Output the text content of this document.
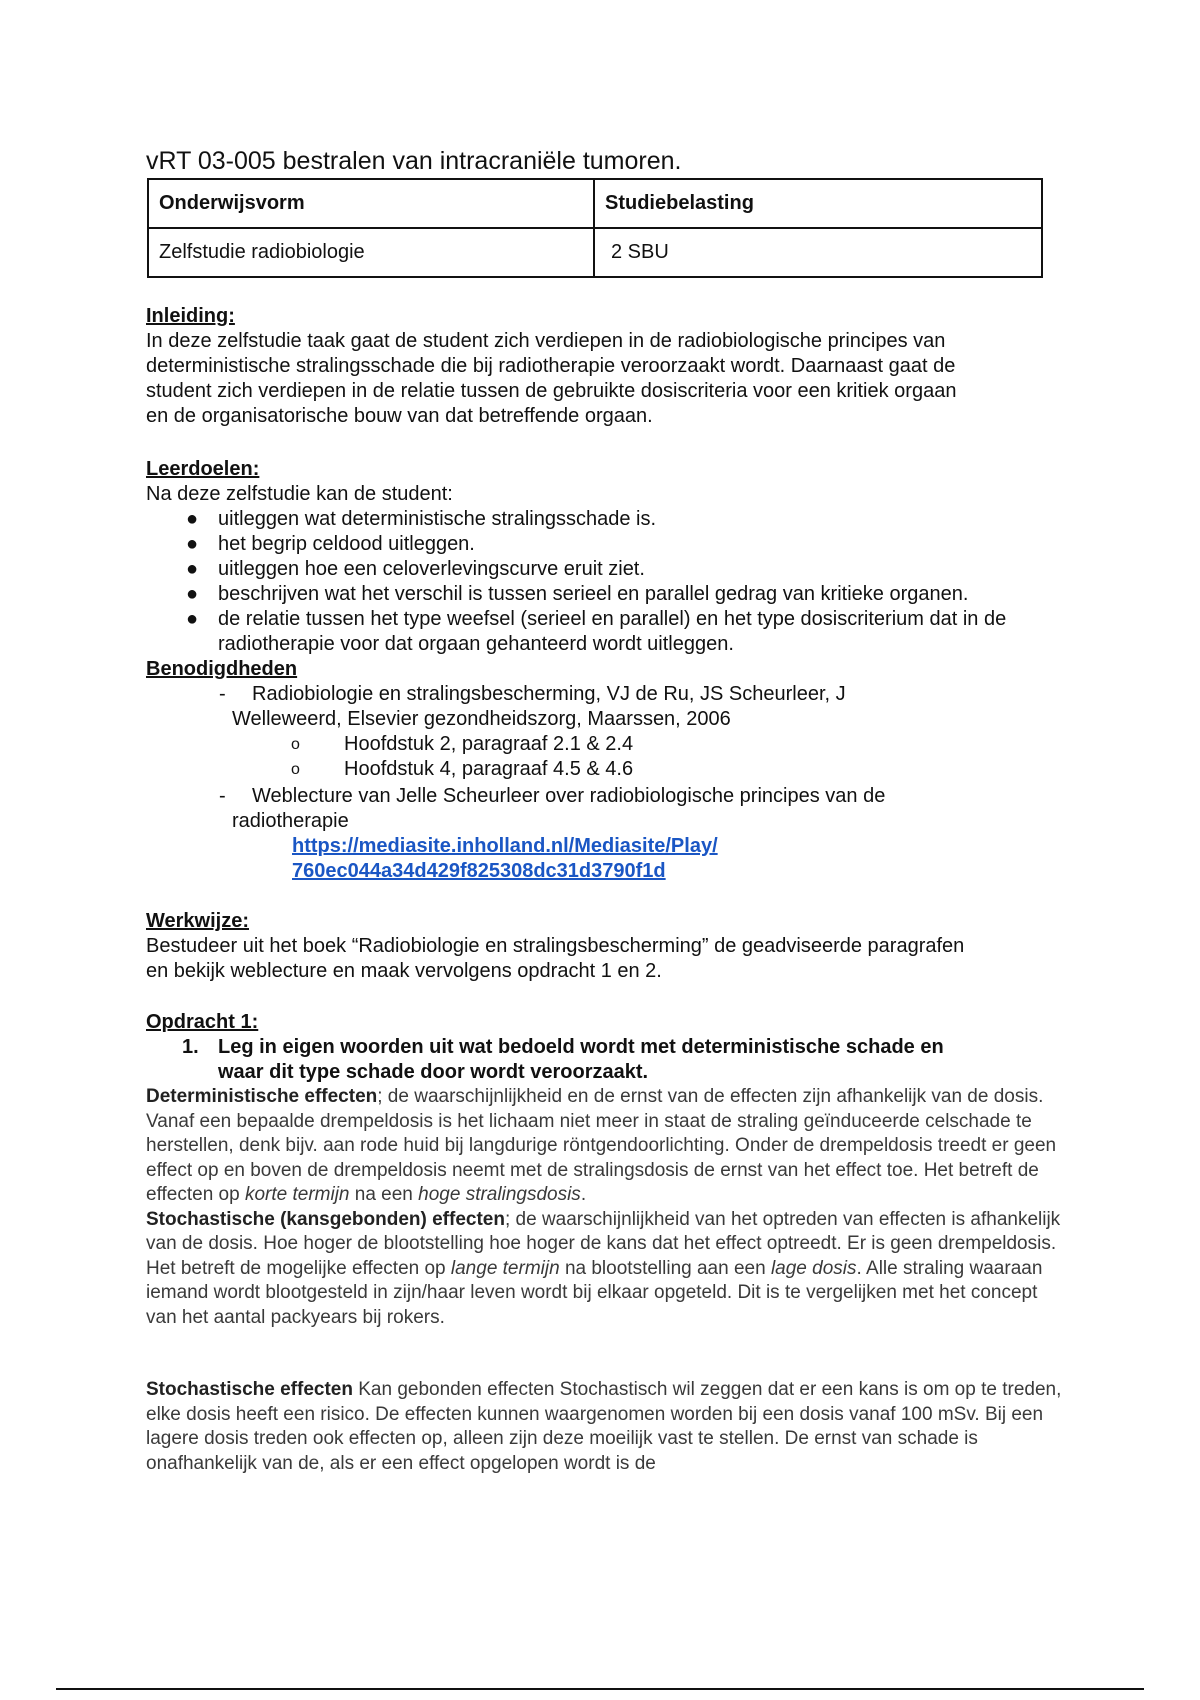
vRT 03-005 bestralen van intracraniële tumoren.
Onderwijsvorm	Studiebelasting
Zelfstudie radiobiologie	2 SBU
Inleiding:

In deze zelfstudie taak gaat de student zich verdiepen in de radiobiologische principes van

deterministische stralingsschade die bij radiotherapie veroorzaakt wordt. Daarnaast gaat de

student zich verdiepen in de relatie tussen de gebruikte dosiscriteria voor een kritiek orgaan

en de organisatorische bouw van dat betreffende orgaan.

Leerdoelen:

Na deze zelfstudie kan de student:

● uitleggen wat deterministische stralingsschade is.
● het begrip celdood uitleggen.
● uitleggen hoe een celoverlevingscurve eruit ziet.
● beschrijven wat het verschil is tussen serieel en parallel gedrag van kritieke organen.
● de relatie tussen het type weefsel (serieel en parallel) en het type dosiscriterium dat in de radiotherapie voor dat orgaan gehanteerd wordt uitleggen.
Benodigdheden
- Radiobiologie en stralingsbescherming, VJ de Ru, JS Scheurleer, J
Welleweerd, Elsevier gezondheidszorg, Maarssen, 2006
o Hoofdstuk 2, paragraaf 2.1 & 2.4
o Hoofdstuk 4, paragraaf 4.5 & 4.6
- Weblecture van Jelle Scheurleer over radiobiologische principes van de
radiotherapie
https://mediasite.inholland.nl/Mediasite/Play/
760ec044a34d429f825308dc31d3790f1d
Werkwijze:

Bestudeer uit het boek “Radiobiologie en stralingsbescherming” de geadviseerde paragrafen

en bekijk weblecture en maak vervolgens opdracht 1 en 2.

Opdracht 1:
1. Leg in eigen woorden uit wat bedoeld wordt met deterministische schade en
waar dit type schade door wordt veroorzaakt.
Deterministische effecten; de waarschijnlijkheid en de ernst van de effecten zijn afhankelijk van de dosis. Vanaf een bepaalde drempeldosis is het lichaam niet meer in staat de straling geïnduceerde celschade te herstellen, denk bijv. aan rode huid bij langdurige röntgendoorlichting. Onder de drempeldosis treedt er geen effect op en boven de drempeldosis neemt met de stralingsdosis de ernst van het effect toe. Het betreft de effecten op korte termijn na een hoge stralingsdosis.
Stochastische (kansgebonden) effecten; de waarschijnlijkheid van het optreden van effecten is afhankelijk van de dosis. Hoe hoger de blootstelling hoe hoger de kans dat het effect optreedt. Er is geen drempeldosis.
Het betreft de mogelijke effecten op lange termijn na blootstelling aan een lage dosis. Alle straling waaraan iemand wordt blootgesteld in zijn/haar leven wordt bij elkaar opgeteld. Dit is te vergelijken met het concept van het aantal packyears bij rokers.
Stochastische effecten Kan gebonden effecten Stochastisch wil zeggen dat er een kans is om op te treden, elke dosis heeft een risico. De effecten kunnen waargenomen worden bij een dosis vanaf 100 mSv. Bij een lagere dosis treden ook effecten op, alleen zijn deze moeilijk vast te stellen. De ernst van schade is onafhankelijk van de, als er een effect opgelopen wordt is de
